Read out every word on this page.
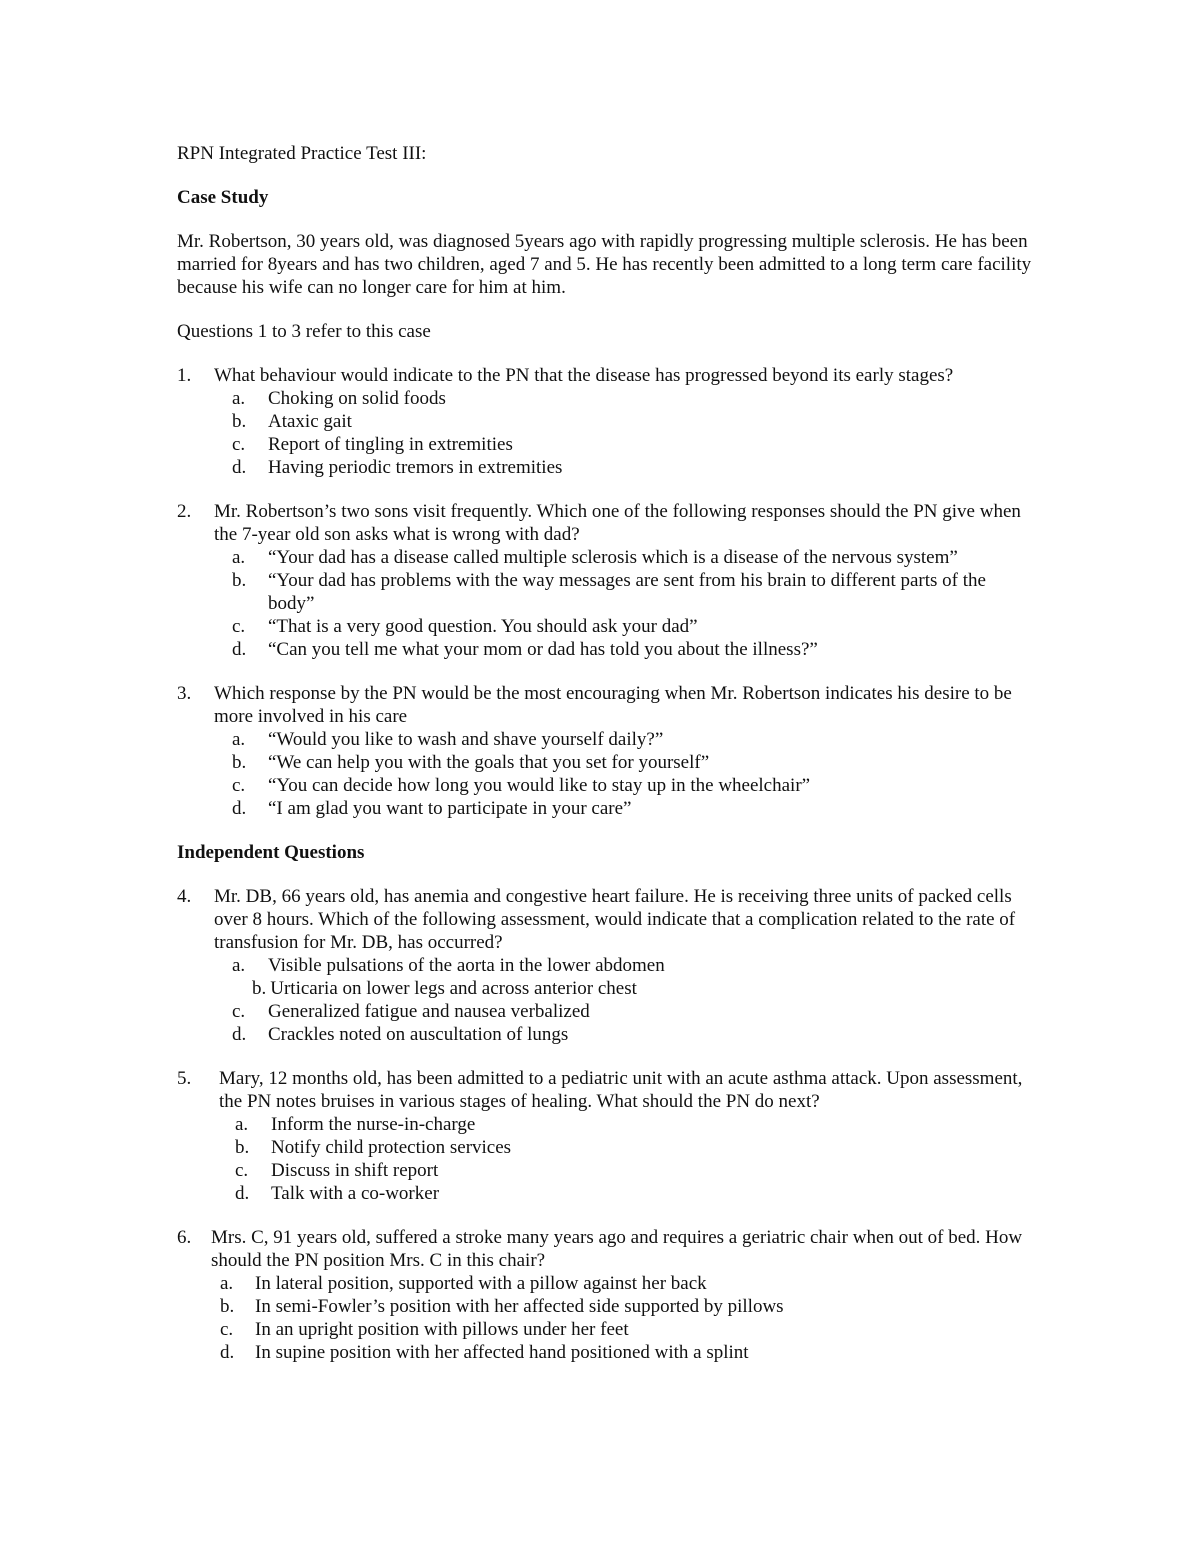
RPN Integrated Practice Test III:
Case Study
Mr. Robertson, 30 years old, was diagnosed 5years ago with rapidly progressing multiple sclerosis. He has been married for 8years and has two children, aged 7 and 5. He has recently been admitted to a long term care facility because his wife can no longer care for him at him.
Questions 1 to 3 refer to this case
1.	What behaviour would indicate to the PN that the disease has progressed beyond its early stages?
a. Choking on solid foods
b. Ataxic gait
c. Report of tingling in extremities
d. Having periodic tremors in extremities
2.	Mr. Robertson’s two sons visit frequently. Which one of the following responses should the PN give when the 7-year old son asks what is wrong with dad?
a. “Your dad has a disease called multiple sclerosis which is a disease of the nervous system”
b. “Your dad has problems with the way messages are sent from his brain to different parts of the body”
c. “That is a very good question. You should ask your dad”
d. “Can you tell me what your mom or dad has told you about the illness?”
3.	Which response by the PN would be the most encouraging when Mr. Robertson indicates his desire to be more involved in his care
a. “Would you like to wash and shave yourself daily?”
b. “We can help you with the goals that you set for yourself”
c. “You can decide how long you would like to stay up in the wheelchair”
d. “I am glad you want to participate in your care”
Independent Questions
4.	Mr. DB, 66 years old, has anemia and congestive heart failure. He is receiving three units of packed cells over 8 hours. Which of the following assessment, would indicate that a complication related to the rate of transfusion for Mr. DB, has occurred?
a. Visible pulsations of the aorta in the lower abdomen
b. Urticaria on lower legs and across anterior chest
c. Generalized fatigue and nausea verbalized
d. Crackles noted on auscultation of lungs
5.	Mary, 12 months old, has been admitted to a pediatric unit with an acute asthma attack. Upon assessment, the PN notes bruises in various stages of healing. What should the PN do next?
a. Inform the nurse-in-charge
b. Notify child protection services
c. Discuss in shift report
d. Talk with a co-worker
6.	Mrs. C, 91 years old, suffered a stroke many years ago and requires a geriatric chair when out of bed. How should the PN position Mrs. C in this chair?
a. In lateral position, supported with a pillow against her back
b. In semi-Fowler’s position with her affected side supported by pillows
c. In an upright position with pillows under her feet
d. In supine position with her affected hand positioned with a splint
